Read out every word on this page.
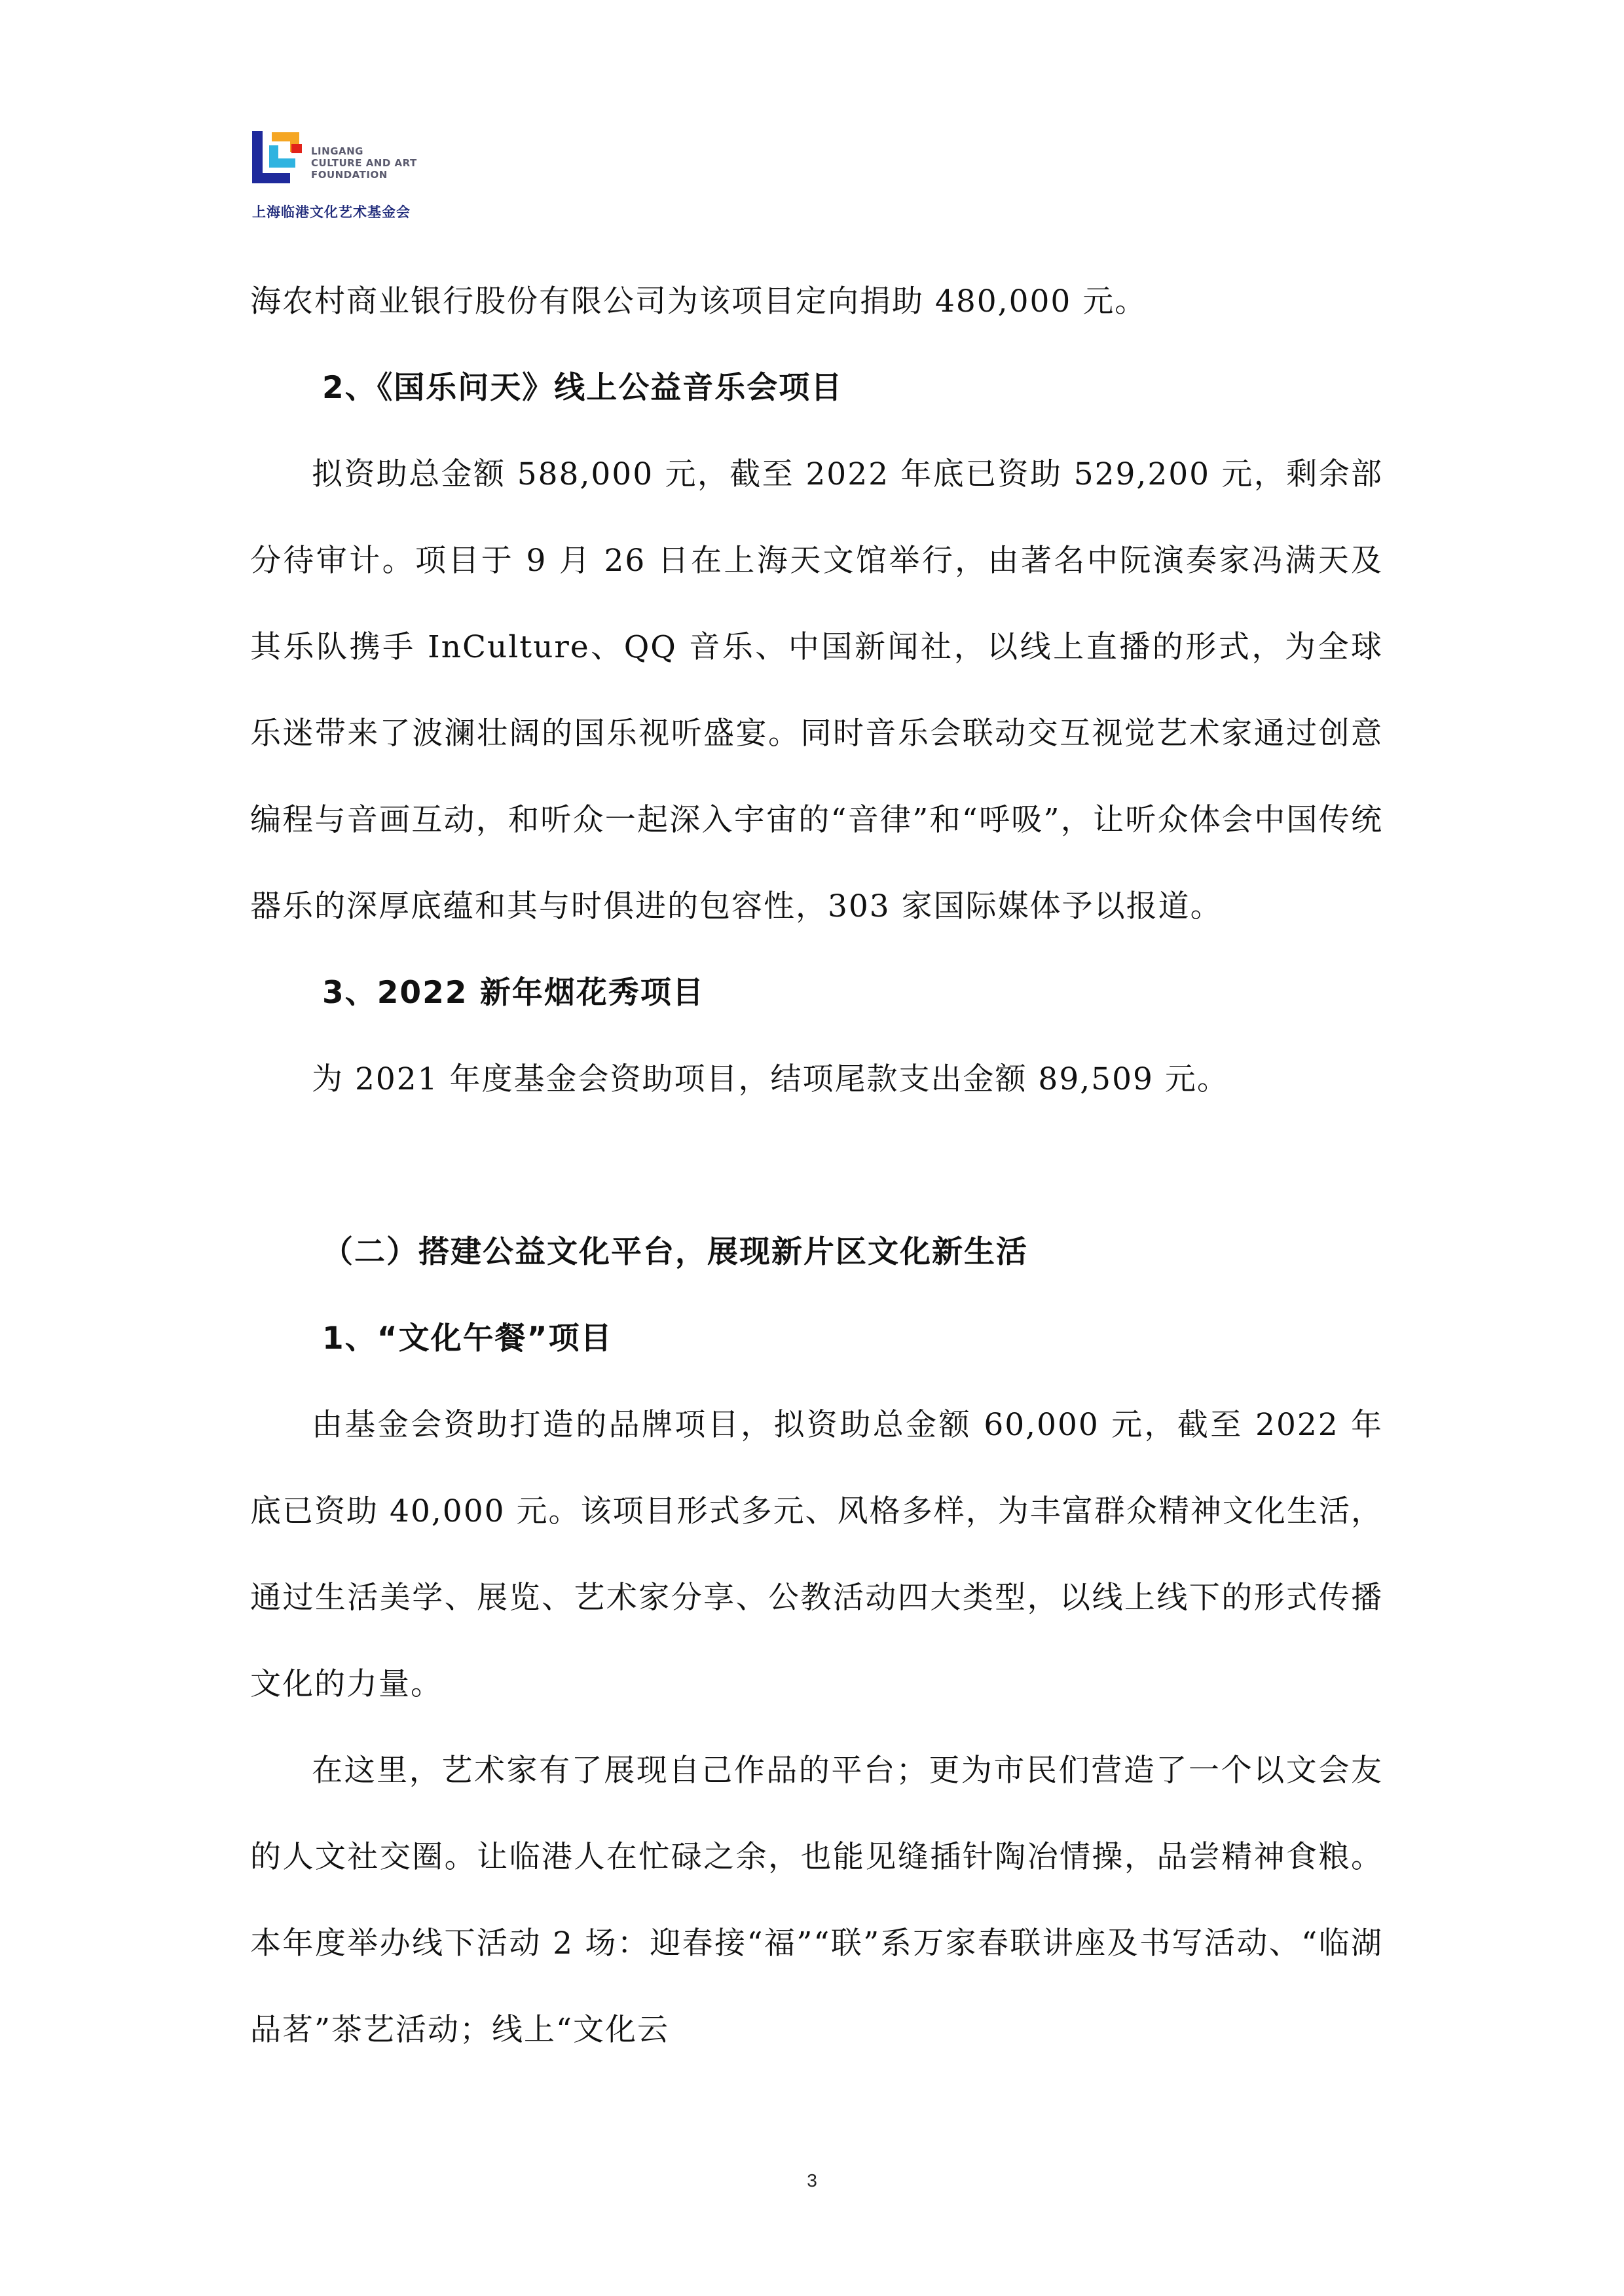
LINGANG
CULTURE AND ART
FOUNDATION
上海临港文化艺术基金会

海农村商业银行股份有限公司为该项目定向捐助 480,000 元。

2、《国乐问天》线上公益音乐会项目

拟资助总金额 588,000 元，截至 2022 年底已资助 529,200 元，剩余部分待审计。项目于 9 月 26 日在上海天文馆举行，由著名中阮演奏家冯满天及其乐队携手 InCulture、QQ 音乐、中国新闻社，以线上直播的形式，为全球乐迷带来了波澜壮阔的国乐视听盛宴。同时音乐会联动交互视觉艺术家通过创意编程与音画互动，和听众一起深入宇宙的“音律”和“呼吸”，让听众体会中国传统器乐的深厚底蕴和其与时俱进的包容性，303 家国际媒体予以报道。

3、2022 新年烟花秀项目

为 2021 年度基金会资助项目，结项尾款支出金额 89,509 元。

（二）搭建公益文化平台，展现新片区文化新生活

1、“文化午餐”项目

由基金会资助打造的品牌项目，拟资助总金额 60,000 元，截至 2022 年底已资助 40,000 元。该项目形式多元、风格多样，为丰富群众精神文化生活，通过生活美学、展览、艺术家分享、公教活动四大类型，以线上线下的形式传播文化的力量。

在这里，艺术家有了展现自己作品的平台；更为市民们营造了一个以文会友的人文社交圈。让临港人在忙碌之余，也能见缝插针陶冶情操，品尝精神食粮。本年度举办线下活动 2 场：迎春接“福”“联”系万家春联讲座及书写活动、“临湖品茗”茶艺活动；线上“文化云

3
